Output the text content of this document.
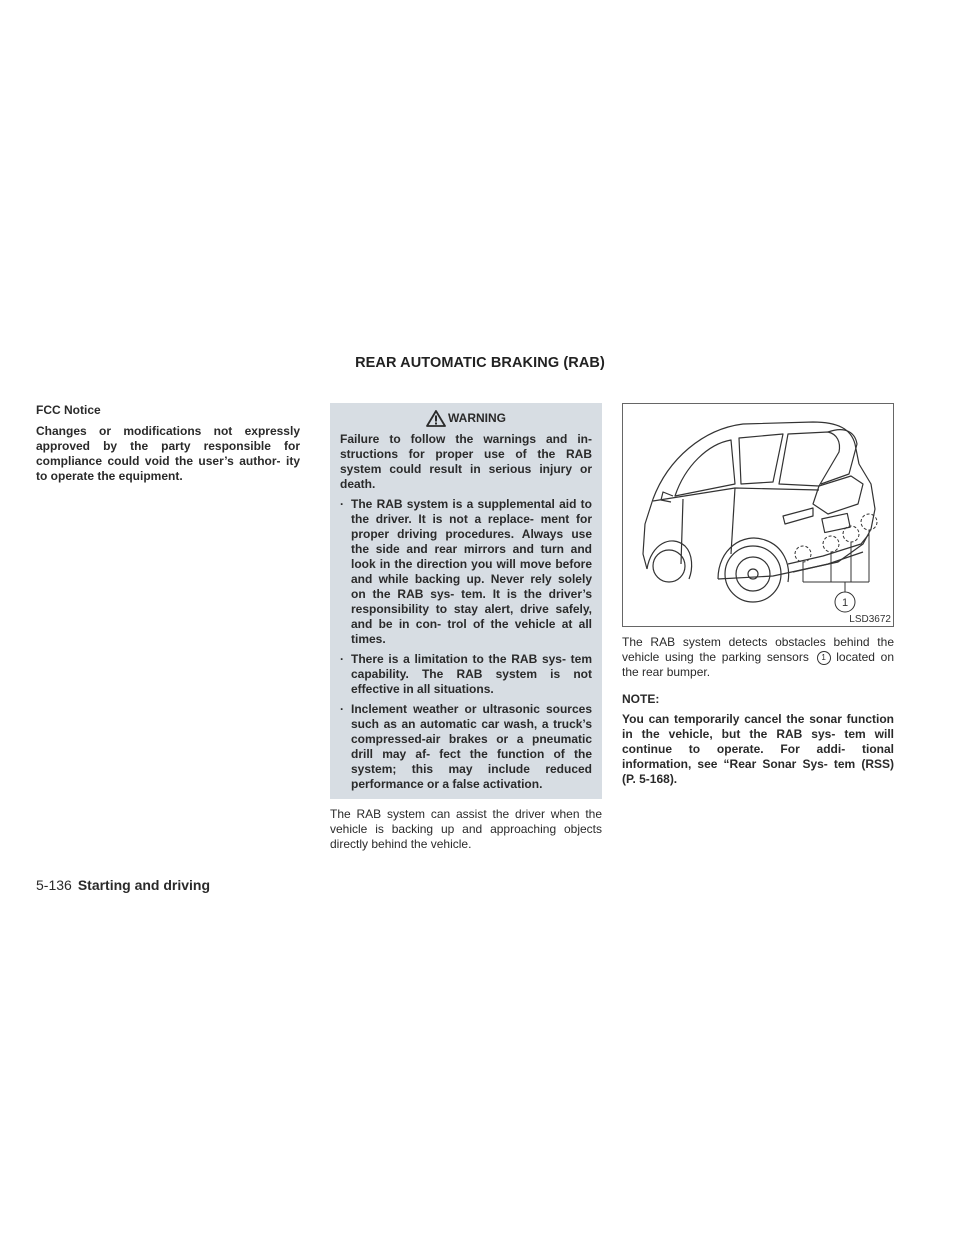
REAR AUTOMATIC BRAKING (RAB)

FCC Notice

Changes or modifications not expressly approved by the party responsible for compliance could void the user’s author- ity to operate the equipment.

WARNING

Failure to follow the warnings and in- structions for proper use of the RAB system could result in serious injury or death.

· The RAB system is a supplemental aid to the driver. It is not a replace- ment for proper driving procedures. Always use the side and rear mirrors and turn and look in the direction you will move before and while backing up. Never rely solely on the RAB sys- tem. It is the driver’s responsibility to stay alert, drive safely, and be in con- trol of the vehicle at all times.
· There is a limitation to the RAB sys- tem capability. The RAB system is not effective in all situations.
· Inclement weather or ultrasonic sources such as an automatic car wash, a truck’s compressed-air brakes or a pneumatic drill may af- fect the function of the system; this may include reduced performance or a false activation.

The RAB system can assist the driver when the vehicle is backing up and approaching objects directly behind the vehicle.

1
LSD3672

The RAB system detects obstacles behind the vehicle using the parking sensors 1 located on the rear bumper.

NOTE:

You can temporarily cancel the sonar function in the vehicle, but the RAB sys- tem will continue to operate. For addi- tional information, see “Rear Sonar Sys- tem (RSS) (P. 5-168).

5-136 Starting and driving
